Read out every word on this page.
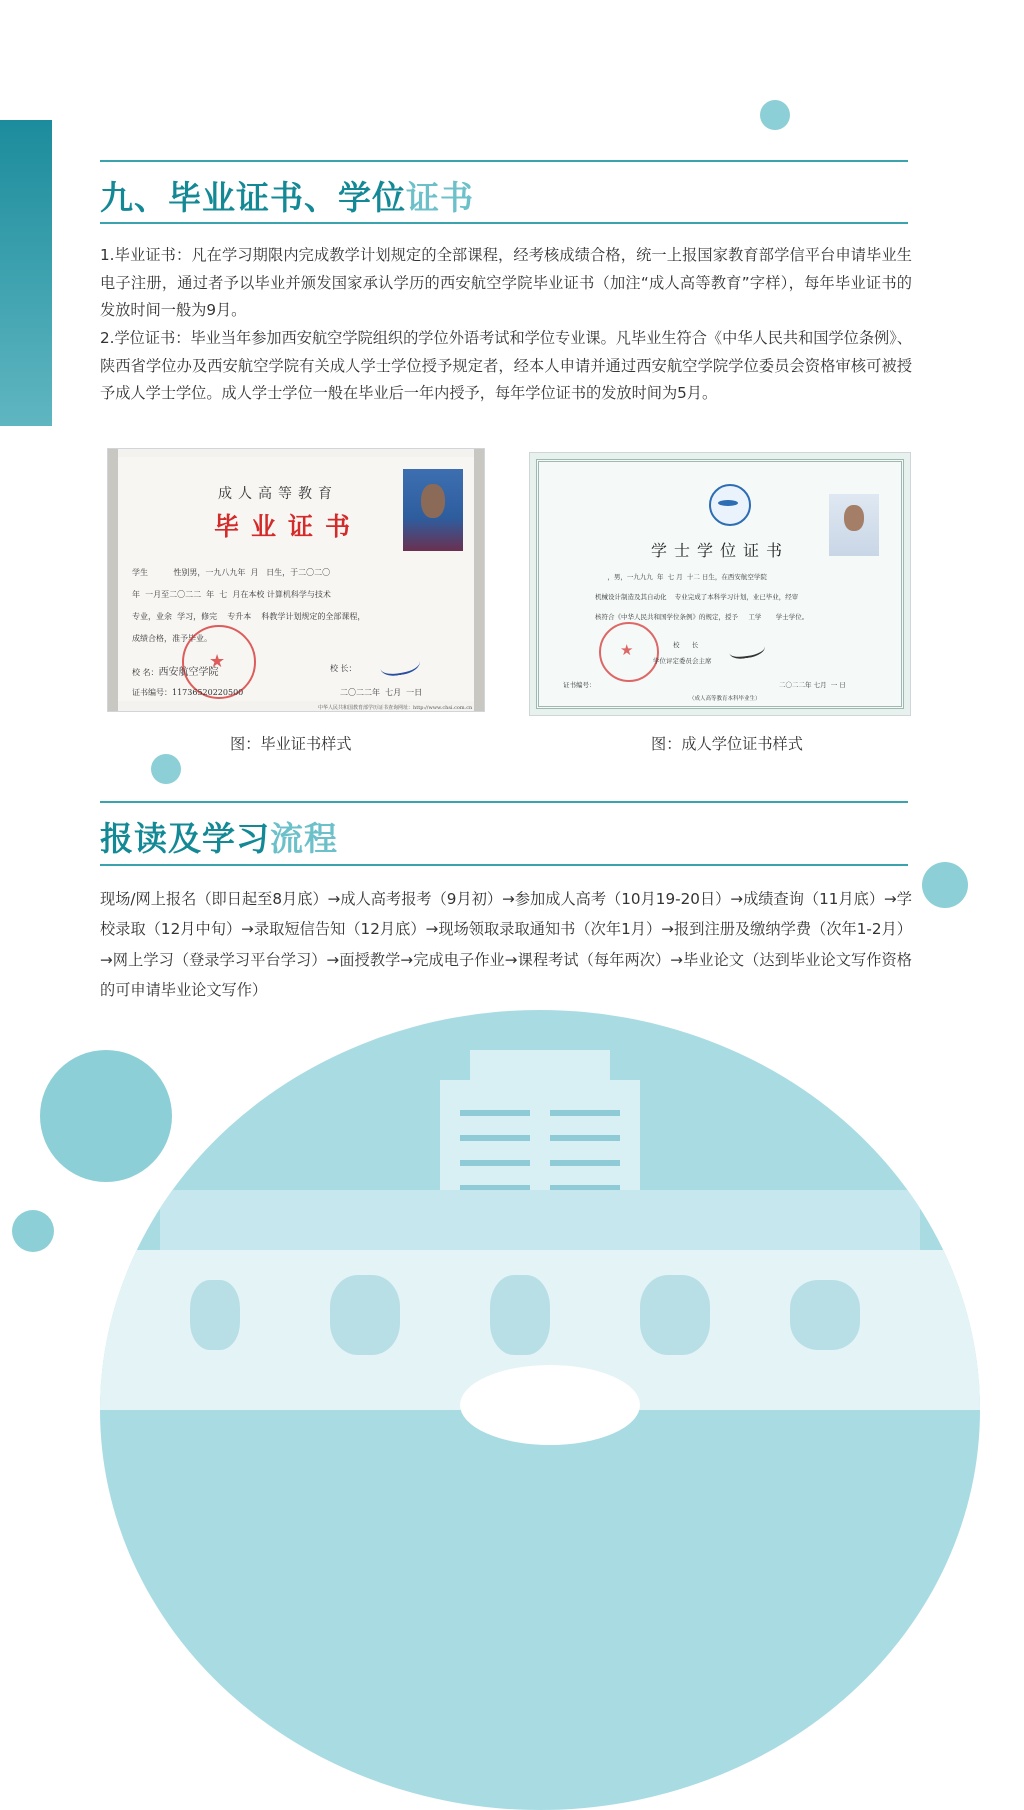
九、毕业证书、学位证书

1.毕业证书：凡在学习期限内完成教学计划规定的全部课程，经考核成绩合格，统一上报国家教育部学信平台申请毕业生电子注册，通过者予以毕业并颁发国家承认学历的西安航空学院毕业证书（加注“成人高等教育”字样），每年毕业证书的发放时间一般为9月。

2.学位证书：毕业当年参加西安航空学院组织的学位外语考试和学位专业课。凡毕业生符合《中华人民共和国学位条例》、陕西省学位办及西安航空学院有关成人学士学位授予规定者，经本人申请并通过西安航空学院学位委员会资格审核可被授予成人学士学位。成人学士学位一般在毕业后一年内授予，每年学位证书的发放时间为5月。

成人高等教育
毕业证书
学生          性别男，一九八九年  月   日生，于二〇二〇
年  一月至二〇二二  年  七  月在本校 计算机科学与技术
专业，业余  学习，修完    专升本    科教学计划规定的全部课程，
成绩合格，准予毕业。
★
校 名：西安航空学院	校 长：
证书编号：11736520220500	二〇二二年  七月  一日
中华人民共和国教育部学历证书查询网址：http://www.chsi.com.cn
学士学位证书
，男，一九九九  年  七 月  十二 日生，在西安航空学院
机械设计制造及其自动化    专业完成了本科学习计划，业已毕业，经审
核符合《中华人民共和国学位条例》的规定，授予     工学       学士学位。
★	校      长
学位评定委员会主席
证书编号：	二〇二二年 七月  一 日
（成人高等教育本科毕业生）

图：毕业证书样式	图：成人学位证书样式

报读及学习流程

现场/网上报名（即日起至8月底）→成人高考报考（9月初）→参加成人高考（10月19-20日）→成绩查询（11月底）→学校录取（12月中旬）→录取短信告知（12月底）→现场领取录取通知书（次年1月）→报到注册及缴纳学费（次年1-2月）→网上学习（登录学习平台学习）→面授教学→完成电子作业→课程考试（每年两次）→毕业论文（达到毕业论文写作资格的可申请毕业论文写作）
